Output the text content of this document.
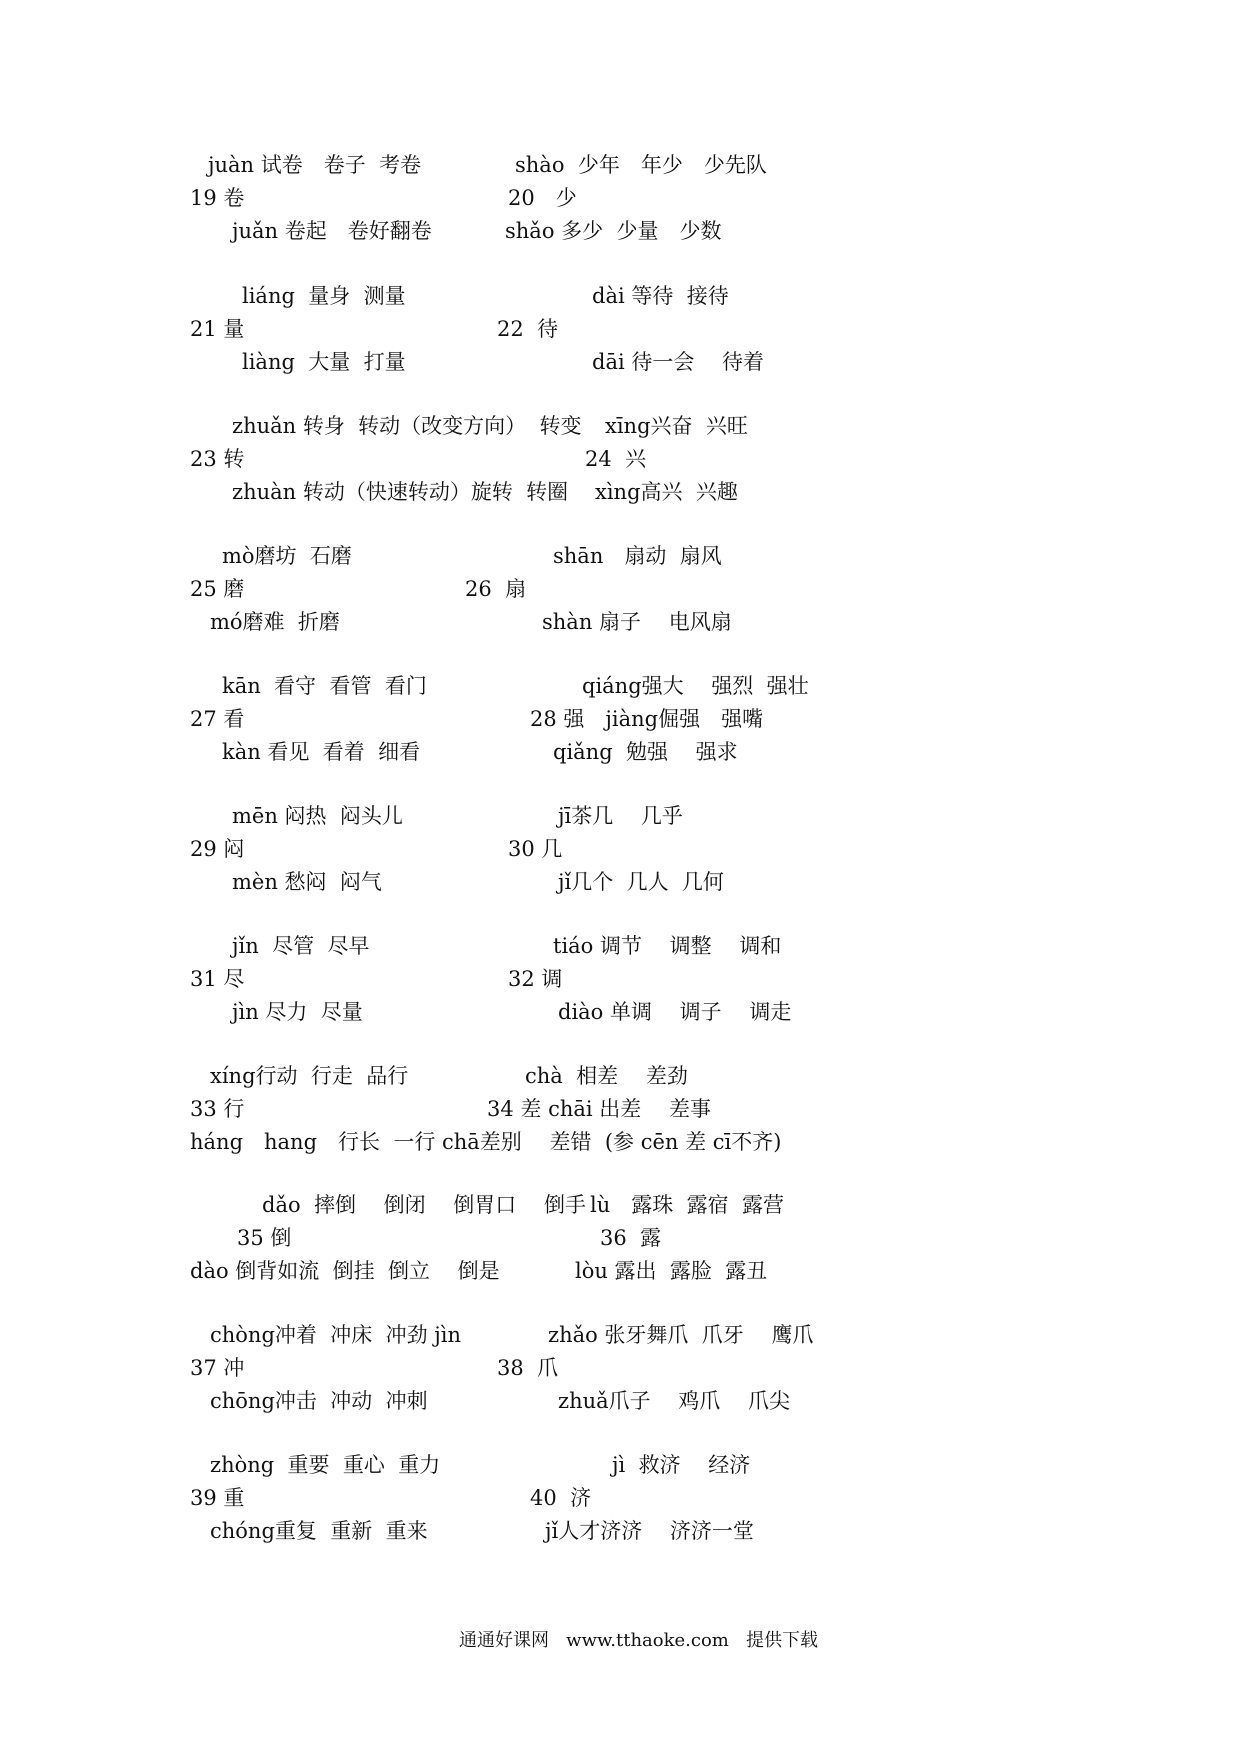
juàn 试卷　卷子  考卷
19 卷
juǎn 卷起　卷好翻卷
shào  少年　年少　少先队
20　少
shǎo 多少  少量　少数
liáng  量身  测量
21 量
liàng  大量  打量
dài 等待  接待
22  待
dāi 待一会　 待着
zhuǎn 转身  转动（改变方向）  转变
23 转
zhuàn 转动（快速转动）旋转  转圈
xīng兴奋  兴旺
24  兴
xìng高兴  兴趣
mò磨坊  石磨
25 磨
mó磨难  折磨
shān　扇动  扇风
26  扇
shàn 扇子　 电风扇
kān  看守  看管  看门
27 看
kàn 看见  看着  细看
qiáng强大　 强烈  强壮
28 强　jiàng倔强　强嘴
qiǎng  勉强　 强求
mēn 闷热  闷头儿
29 闷
mèn 愁闷  闷气
jī茶几　 几乎
30 几
jǐ几个  几人  几何
jǐn  尽管  尽早
31 尽
jìn 尽力  尽量
tiáo 调节　 调整　 调和
32 调
diào 单调　 调子　 调走
xíng行动  行走  品行
33 行
háng　hang　行长  一行
chà  相差　 差劲
34 差 chāi 出差　 差事
chā差别　 差错  (参 cēn 差 cī不齐)
dǎo  摔倒　 倒闭　 倒胃口　 倒手
35 倒
dào 倒背如流  倒挂  倒立　 倒是
lù　露珠  露宿  露营
36  露
lòu 露出  露脸  露丑
chòng冲着  冲床  冲劲 jìn
37 冲
chōng冲击  冲动  冲刺
zhǎo 张牙舞爪  爪牙　 鹰爪
38  爪
zhuǎ爪子　 鸡爪　 爪尖
zhòng  重要  重心  重力
39 重
chóng重复  重新  重来
jì  救济　 经济
40  济
jǐ人才济济　 济济一堂
通通好课网   www.tthaoke.com   提供下载
